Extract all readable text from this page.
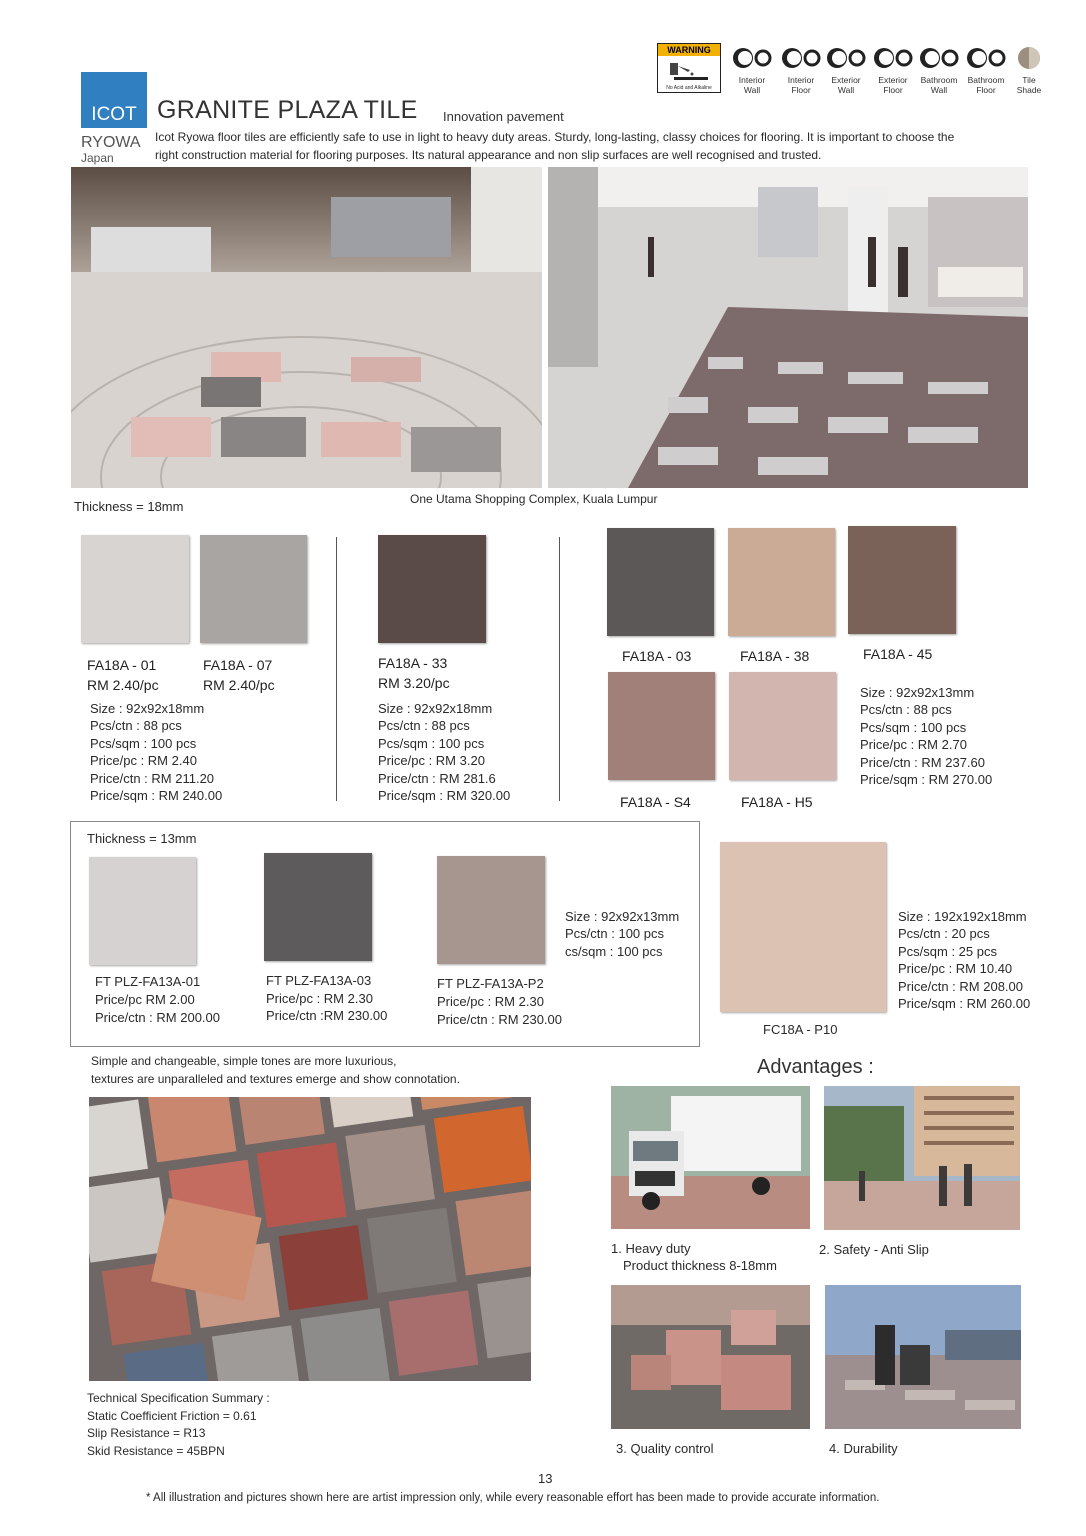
ICOT
RYOWA
Japan
GRANITE PLAZA TILE Innovation pavement
Icot Ryowa floor tiles are efficiently safe to use in light to heavy duty areas. Sturdy, long-lasting, classy choices for flooring. It is important to choose the
right construction material for flooring purposes. Its natural appearance and non slip surfaces are well recognised and trusted.
WARNING
No Acid and Alkaline
Interior
Wall
Interior
Floor
Exterior
Wall
Exterior
Floor
Bathroom
Wall
Bathroom
Floor
Tile
Shade
One Utama Shopping Complex, Kuala Lumpur
Thickness = 18mm
FA18A - 01
RM 2.40/pc
FA18A - 07
RM 2.40/pc
Size : 92x92x18mm
Pcs/ctn : 88 pcs
Pcs/sqm : 100 pcs
Price/pc : RM 2.40
Price/ctn : RM 211.20
Price/sqm : RM 240.00
FA18A - 33
RM 3.20/pc
Size : 92x92x18mm
Pcs/ctn : 88 pcs
Pcs/sqm : 100 pcs
Price/pc : RM 3.20
Price/ctn : RM 281.6
Price/sqm : RM 320.00
FA18A - 03	FA18A - 38	FA18A - 45
FA18A - S4	FA18A - H5
Size : 92x92x13mm
Pcs/ctn : 88 pcs
Pcs/sqm : 100 pcs
Price/pc : RM 2.70
Price/ctn : RM 237.60
Price/sqm : RM 270.00
Thickness = 13mm
FT PLZ-FA13A-01
Price/pc RM 2.00
Price/ctn : RM 200.00
FT PLZ-FA13A-03
Price/pc : RM 2.30
Price/ctn :RM 230.00
FT PLZ-FA13A-P2
Price/pc : RM 2.30
Price/ctn : RM 230.00
Size : 92x92x13mm
Pcs/ctn : 100 pcs
cs/sqm : 100 pcs
FC18A - P10
Size : 192x192x18mm
Pcs/ctn : 20 pcs
Pcs/sqm : 25 pcs
Price/pc : RM 10.40
Price/ctn : RM 208.00
Price/sqm : RM 260.00
Simple and changeable, simple tones are more luxurious,
textures are unparalleled and textures emerge and show connotation.
Technical Specification Summary :
Static Coefficient Friction = 0.61
Slip Resistance = R13
Skid Resistance = 45BPN
Advantages :
1. Heavy duty
Product thickness 8-18mm
2. Safety - Anti Slip
3. Quality control	4. Durability
13
* All illustration and pictures shown here are artist impression only, while every reasonable effort has been made to provide accurate information.
